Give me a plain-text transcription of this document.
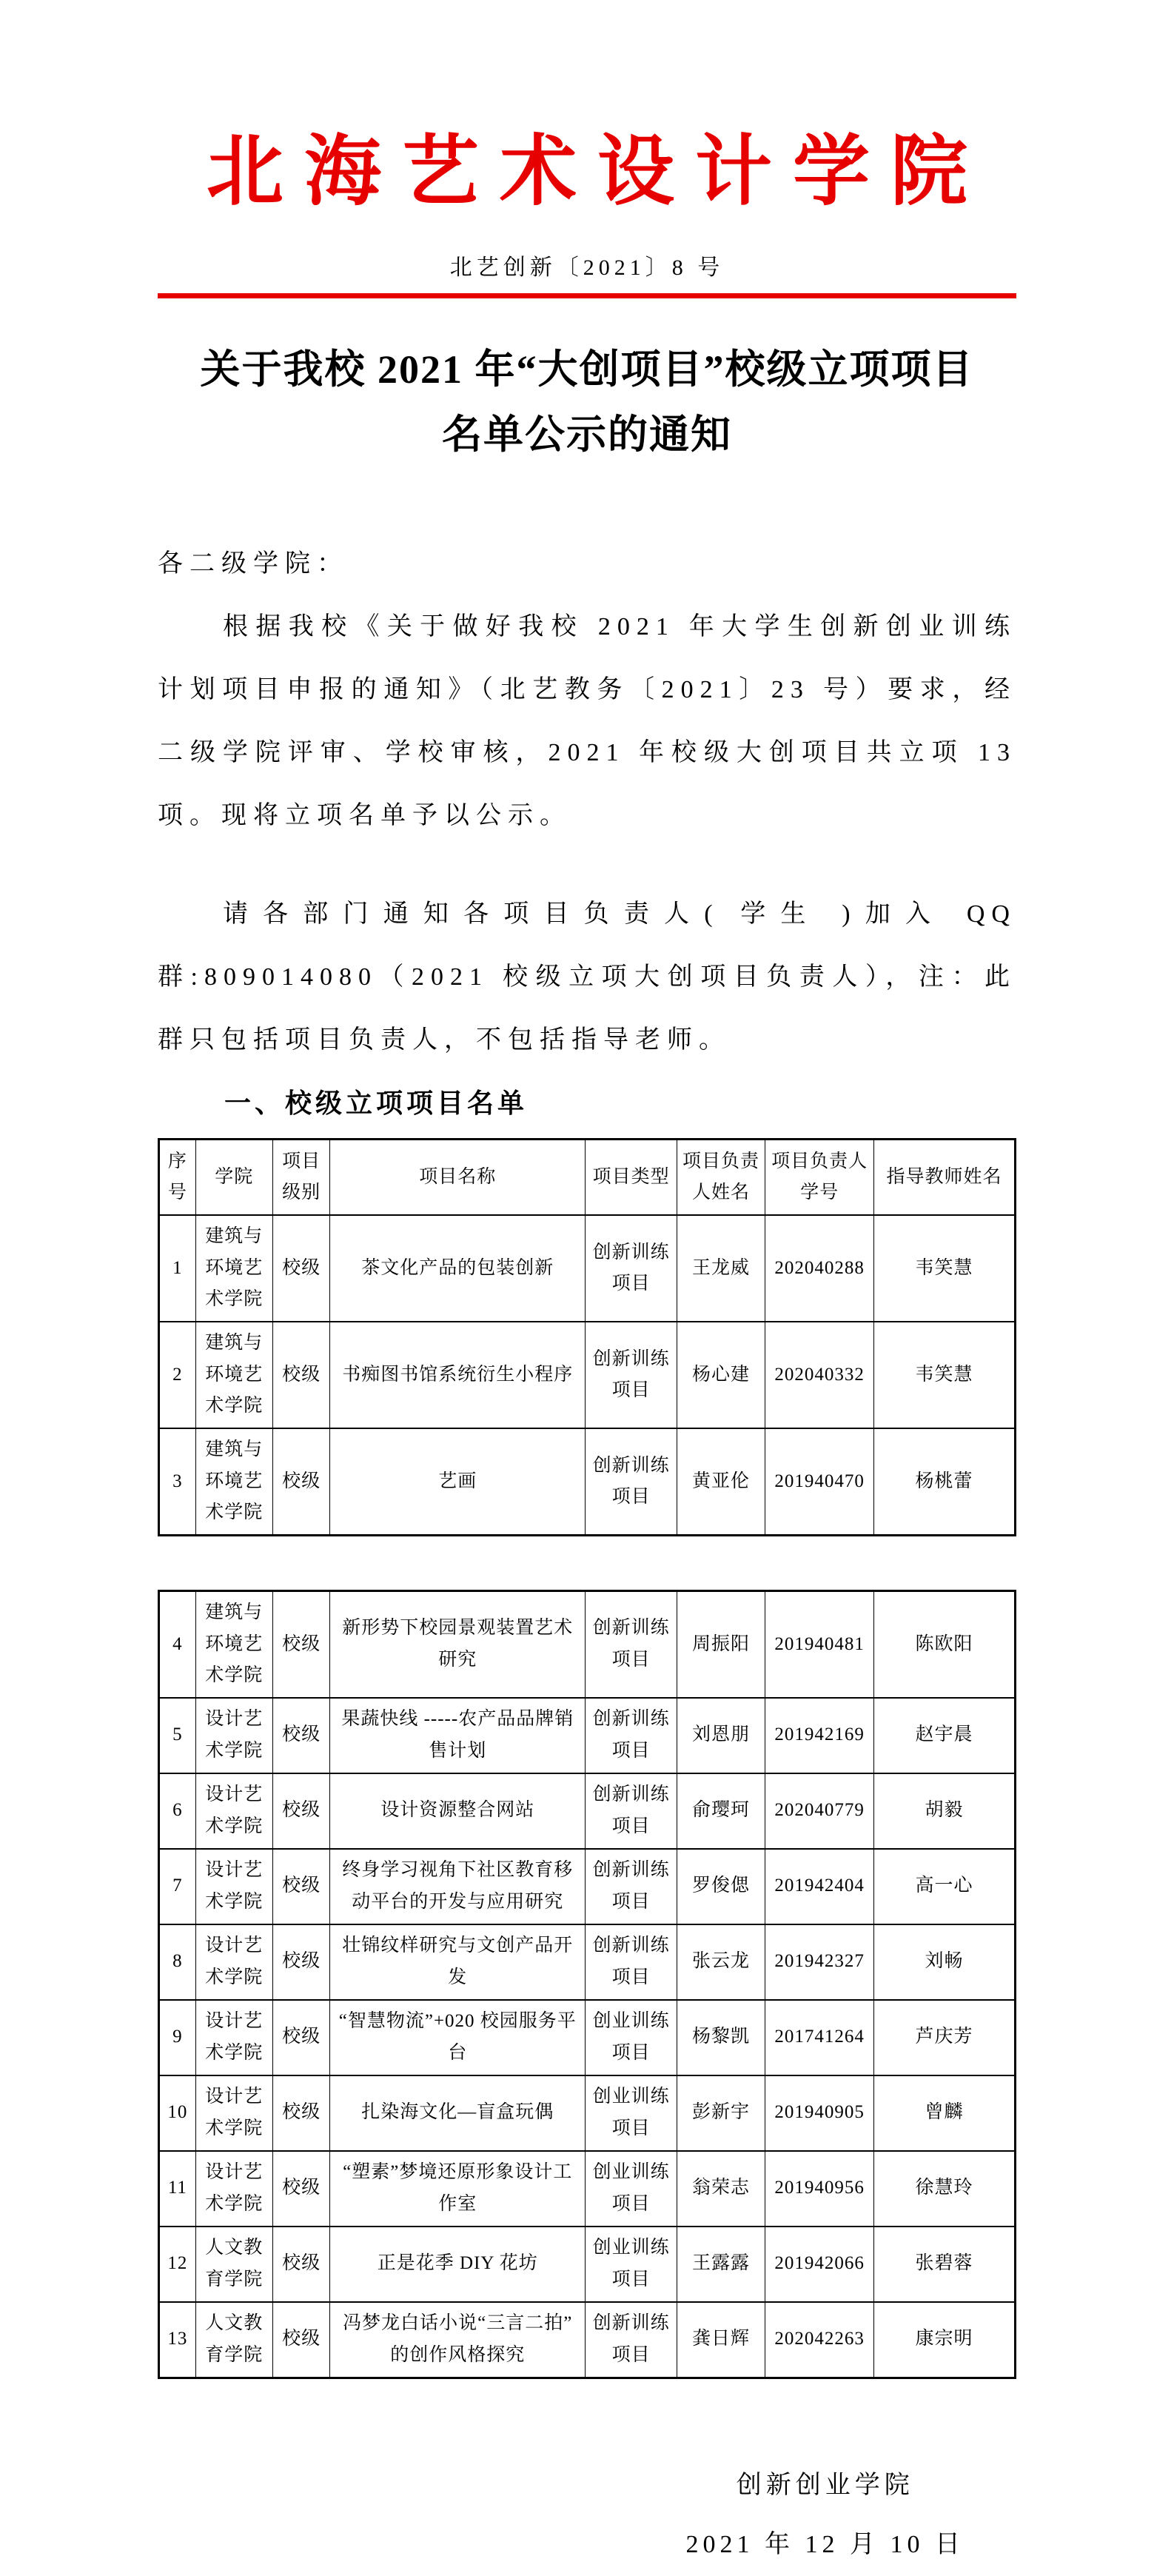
北海艺术设计学院
北艺创新〔2021〕8 号
关于我校 2021 年“大创项目”校级立项项目
名单公示的通知
各二级学院：

根据我校《关于做好我校 2021 年大学生创新创业训练计划项目申报的通知》（北艺教务〔2021〕23 号）要求，经二级学院评审、学校审核，2021 年校级大创项目共立项 13 项。现将立项名单予以公示。

请各部门通知各项目负责人( 学生 )加入 QQ 群:809014080（2021 校级立项大创项目负责人），注：此群只包括项目负责人，不包括指导老师。

一、校级立项项目名单
序号	学院	项目级别	项目名称	项目类型	项目负责人姓名	项目负责人学号	指导教师姓名
1	建筑与环境艺术学院	校级	茶文化产品的包装创新	创新训练项目	王龙威	202040288	韦笑慧
2	建筑与环境艺术学院	校级	书痴图书馆系统衍生小程序	创新训练项目	杨心建	202040332	韦笑慧
3	建筑与环境艺术学院	校级	艺画	创新训练项目	黄亚伦	201940470	杨桃蕾
4	建筑与环境艺术学院	校级	新形势下校园景观装置艺术研究	创新训练项目	周振阳	201940481	陈欧阳
5	设计艺术学院	校级	果蔬快线 -----农产品品牌销售计划	创新训练项目	刘恩朋	201942169	赵宇晨
6	设计艺术学院	校级	设计资源整合网站	创新训练项目	俞璎珂	202040779	胡毅
7	设计艺术学院	校级	终身学习视角下社区教育移动平台的开发与应用研究	创新训练项目	罗俊偲	201942404	高一心
8	设计艺术学院	校级	壮锦纹样研究与文创产品开发	创新训练项目	张云龙	201942327	刘畅
9	设计艺术学院	校级	“智慧物流”+020 校园服务平台	创业训练项目	杨黎凯	201741264	芦庆芳
10	设计艺术学院	校级	扎染海文化—盲盒玩偶	创业训练项目	彭新宇	201940905	曾麟
11	设计艺术学院	校级	“塑素”梦境还原形象设计工作室	创业训练项目	翁荣志	201940956	徐慧玲
12	人文教育学院	校级	正是花季 DIY 花坊	创业训练项目	王露露	201942066	张碧蓉
13	人文教育学院	校级	冯梦龙白话小说“三言二拍”的创作风格探究	创新训练项目	龚日辉	202042263	康宗明
创新创业学院
2021 年 12 月 10 日
